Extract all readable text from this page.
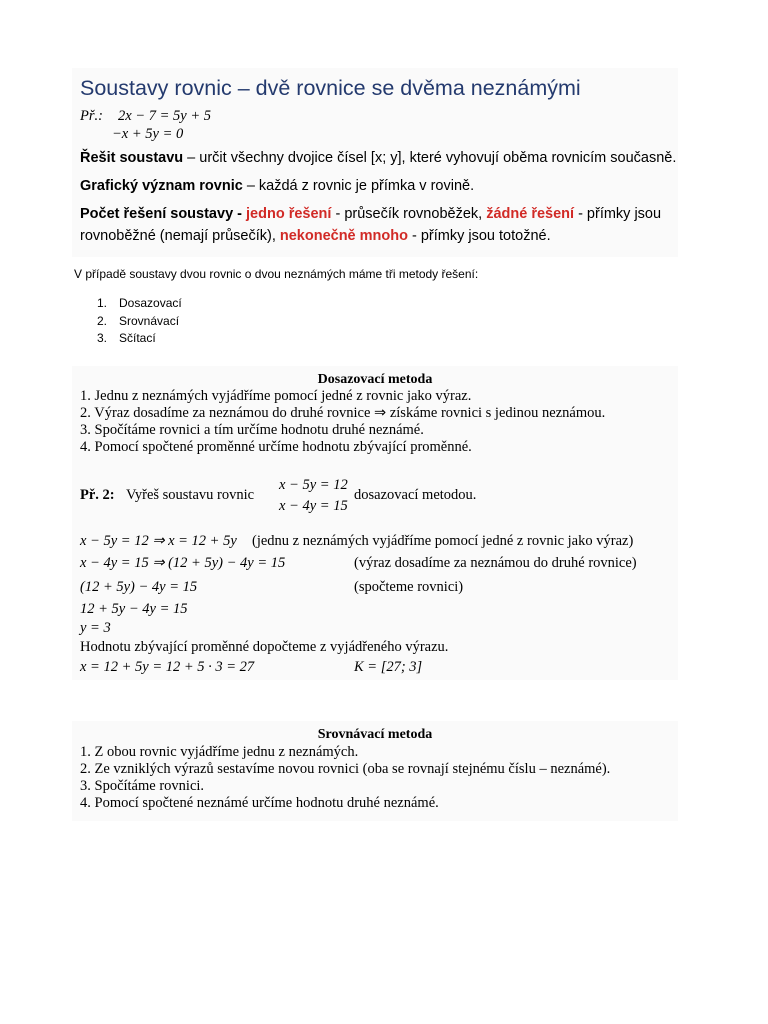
Soustavy rovnic – dvě rovnice se dvěma neznámými
Př.: 2x − 7 = 5y + 5
−x + 5y = 0
Řešit soustavu – určit všechny dvojice čísel [x; y], které vyhovují oběma rovnicím současně.
Grafický význam rovnic – každá z rovnic je přímka v rovině.
Počet řešení soustavy - jedno řešení - průsečík rovnoběžek, žádné řešení - přímky jsou
rovnoběžné (nemají průsečík), nekonečně mnoho - přímky jsou totožné.
V případě soustavy dvou rovnic o dvou neznámých máme tři metody řešení:
1. Dosazovací
2. Srovnávací
3. Sčítací
Dosazovací metoda
1. Jednu z neznámých vyjádříme pomocí jedné z rovnic jako výraz.
2. Výraz dosadíme za neznámou do druhé rovnice ⇒ získáme rovnici s jedinou neznámou.
3. Spočítáme rovnici a tím určíme hodnotu druhé neznámé.
4. Pomocí spočtené proměnné určíme hodnotu zbývající proměnné.
Př. 2: Vyřeš soustavu rovnic
x − 5y = 12
x − 4y = 15
dosazovací metodou.
x − 5y = 12 ⇒ x = 12 + 5y (jednu z neznámých vyjádříme pomocí jedné z rovnic jako výraz)
x − 4y = 15 ⇒ (12 + 5y) − 4y = 15	(výraz dosadíme za neznámou do druhé rovnice)
(12 + 5y) − 4y = 15	(spočteme rovnici)
12 + 5y − 4y = 15
y = 3
Hodnotu zbývající proměnné dopočteme z vyjádřeného výrazu.
x = 12 + 5y = 12 + 5 · 3 = 27	K = [27; 3]
Srovnávací metoda
1. Z obou rovnic vyjádříme jednu z neznámých.
2. Ze vzniklých výrazů sestavíme novou rovnici (oba se rovnají stejnému číslu – neznámé).
3. Spočítáme rovnici.
4. Pomocí spočtené neznámé určíme hodnotu druhé neznámé.
